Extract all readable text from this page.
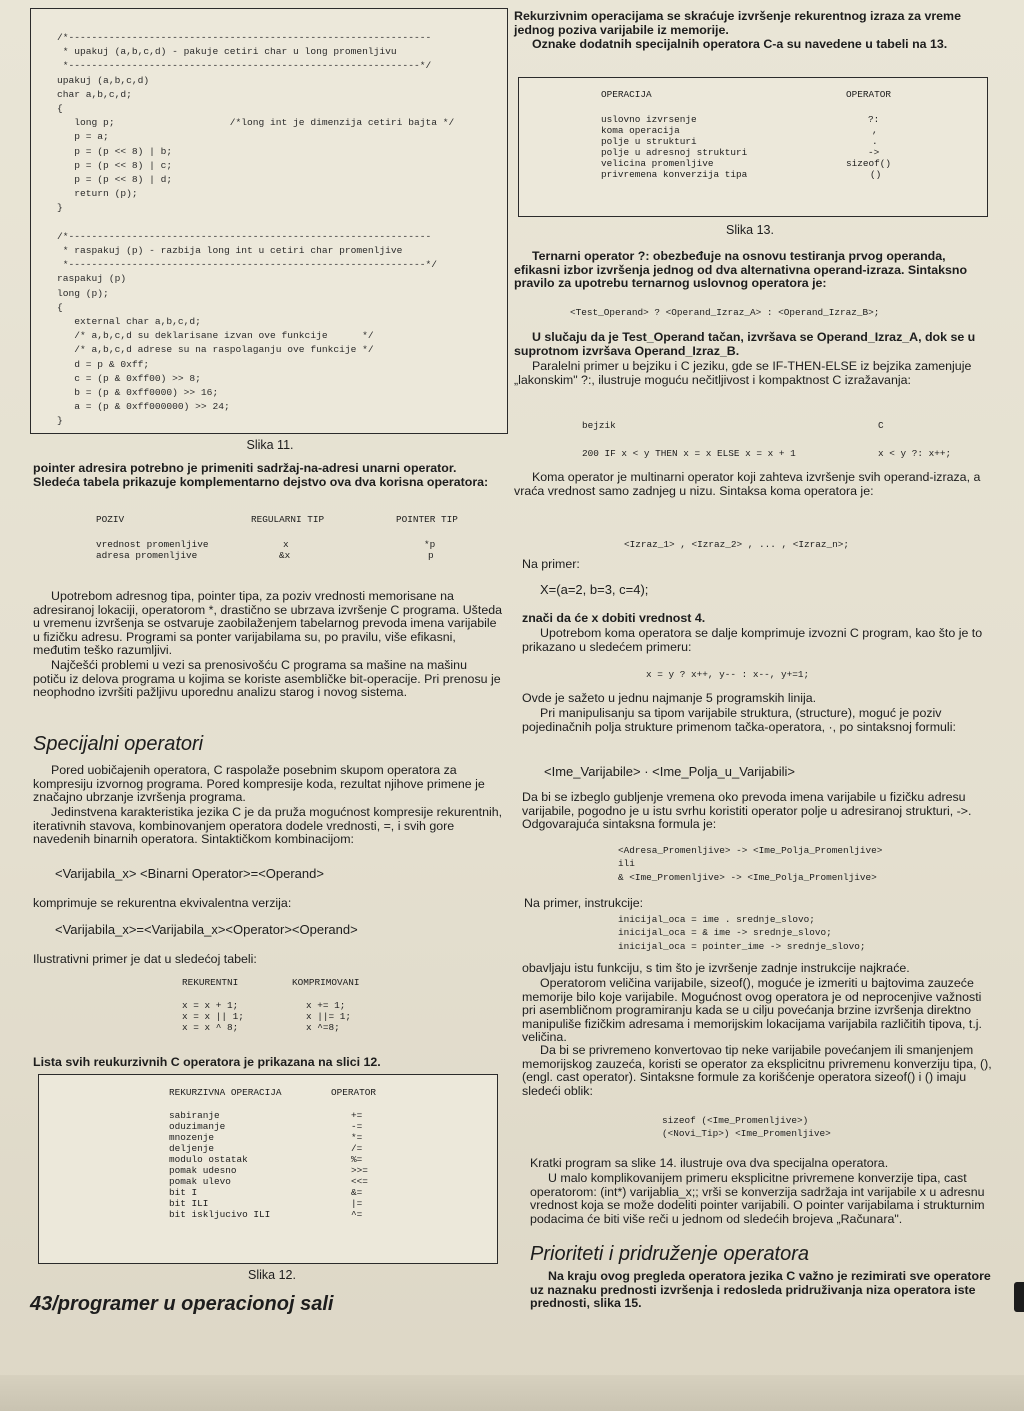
/*---------------------------------------------------------------
* upakuj (a,b,c,d) - pakuje cetiri char u long promenljivu
*-------------------------------------------------------------*/
upakuj (a,b,c,d)
char a,b,c,d;
{
long p;                    /*long int je dimenzija cetiri bajta */
p = a;
p = (p << 8) | b;
p = (p << 8) | c;
p = (p << 8) | d;
return (p);
}

/*---------------------------------------------------------------
* raspakuj (p) - razbija long int u cetiri char promenljive
*--------------------------------------------------------------*/
raspakuj (p)
long (p);
{
external char a,b,c,d;
/* a,b,c,d su deklarisane izvan ove funkcije      */
/* a,b,c,d adrese su na raspolaganju ove funkcije */
d = p & 0xff;
c = (p & 0xff00) >> 8;
b = (p & 0xff0000) >> 16;
a = (p & 0xff000000) >> 24;
}
Slika 11.

pointer adresira potrebno je primeniti sadržaj-na-adresi unarni operator. Sledeća tabela prikazuje komplementarno dejstvo ova dva korisna operatora:

POZIV	REGULARNI TIP	POINTER TIP

vrednost promenljive	x	*p
adresa promenljive	&x	p

Upotrebom adresnog tipa, pointer tipa, za poziv vrednosti memorisane na adresiranoj lokaciji, operatorom *, drastično se ubrzava izvršenje C programa. Ušteda u vremenu izvršenja se ostvaruje zaobilaženjem tabelarnog prevoda imena varijabile u fizičku adresu. Programi sa ponter varijabilama su, po pravilu, više efikasni, međutim teško razumljivi.

Najčešći problemi u vezi sa prenosivošću C programa sa mašine na mašinu potiču iz delova programa u kojima se koriste asembličke bit-operacije. Pri prenosu je neophodno izvršiti pažljivu uporednu analizu starog i novog sistema.

Specijalni operatori

Pored uobičajenih operatora, C raspolaže posebnim skupom operatora za kompresiju izvornog programa. Pored kompresije koda, rezultat njihove primene je značajno ubrzanje izvršenja programa.

Jedinstvena karakteristika jezika C je da pruža mogućnost kompresije rekurentnih, iterativnih stavova, kombinovanjem operatora dodele vrednosti, =, i svih gore navedenih binarnih operatora. Sintaktičkom kombinacijom:

<Varijabila_x> <Binarni Operator>=<Operand>

komprimuje se rekurentna ekvivalentna verzija:

<Varijabila_x>=<Varijabila_x><Operator><Operand>

Ilustrativni primer je dat u sledećoj tabeli:

REKURENTNI	KOMPRIMOVANI

x = x + 1;	x += 1;
x = x || 1;	x ||= 1;
x = x ^ 8;	x ^=8;

Lista svih reukurzivnih C operatora je prikazana na slici 12.

REKURZIVNA OPERACIJA	OPERATOR

sabiranje	+=
oduzimanje	-=
mnozenje	*=
deljenje	/=
modulo ostatak	%=
pomak udesno	>>=
pomak ulevo	<<=
bit I	&=
bit ILI	|=
bit iskljucivo ILI	^=
Slika 12.
43/programer u operacionoj sali

Rekurzivnim operacijama se skraćuje izvršenje rekurentnog izraza za vreme jednog poziva varijabile iz memorije.

Oznake dodatnih specijalnih operatora C-a su navedene u tabeli na 13.

OPERACIJA	OPERATOR

uslovno izvrsenje	?:
koma operacija	,
polje u strukturi	.
polje u adresnoj strukturi	->
velicina promenljive	sizeof()
privremena konverzija tipa	()
Slika 13.

Ternarni operator ?: obezbeđuje na osnovu testiranja prvog operanda, efikasni izbor izvršenja jednog od dva alternativna operand-izraza. Sintaksno pravilo za upotrebu ternarnog uslovnog operatora je:

<Test_Operand> ? <Operand_Izraz_A> : <Operand_Izraz_B>;

U slučaju da je Test_Operand tačan, izvršava se Operand_Izraz_A, dok se u suprotnom izvršava Operand_Izraz_B.

Paralelni primer u bejziku i C jeziku, gde se IF-THEN-ELSE iz bejzika zamenjuje „lakonskim" ?:, ilustruje moguću nečitljivost i kompaktnost C izražavanja:

bejzik	C

200 IF x < y THEN x = x ELSE x = x + 1	x < y ?: x++;

Koma operator je multinarni operator koji zahteva izvršenje svih operand-izraza, a vraća vrednost samo zadnjeg u nizu. Sintaksa koma operatora je:

<Izraz_1> , <Izraz_2> , ... , <Izraz_n>;

Na primer:

X=(a=2, b=3, c=4);

znači da će x dobiti vrednost 4.

Upotrebom koma operatora se dalje komprimuje izvozni C program, kao što je to prikazano u sledećem primeru:

x = y ? x++, y-- : x--, y+=1;

Ovde je sažeto u jednu najmanje 5 programskih linija.

Pri manipulisanju sa tipom varijabile struktura, (structure), moguć je poziv pojedinačnih polja strukture primenom tačka-operatora, ·, po sintaksnoj formuli:

<Ime_Varijabile> · <Ime_Polja_u_Varijabili>

Da bi se izbeglo gubljenje vremena oko prevoda imena varijabile u fizičku adresu varijabile, pogodno je u istu svrhu koristiti operator polje u adresiranoj strukturi, ->. Odgovarajuća sintaksna formula je:

<Adresa_Promenljive> -> <Ime_Polja_Promenljive>
ili
& <Ime_Promenljive> -> <Ime_Polja_Promenljive>

Na primer, instrukcije:

inicijal_oca = ime . srednje_slovo;
inicijal_oca = & ime -> srednje_slovo;
inicijal_oca = pointer_ime -> srednje_slovo;

obavljaju istu funkciju, s tim što je izvršenje zadnje instrukcije najkraće.

Operatorom veličina varijabile, sizeof(), moguće je izmeriti u bajtovima zauzeće memorije bilo koje varijabile. Mogućnost ovog operatora je od neprocenjive važnosti pri asembličnom programiranju kada se u cilju povećanja brzine izvršenja direktno manipuliše fizičkim adresama i memorijskim lokacijama varijabila različitih tipova, t.j. veličina.

Da bi se privremeno konvertovao tip neke varijabile povećanjem ili smanjenjem memorijskog zauzeća, koristi se operator za eksplicitnu privremenu konverziju tipa, (), (engl. cast operator). Sintaksne formule za korišćenje operatora sizeof() i () imaju sledeći oblik:

sizeof (<Ime_Promenljive>)
(<Novi_Tip>) <Ime_Promenljive>

Kratki program sa slike 14. ilustruje ova dva specijalna operatora.

U malo komplikovanijem primeru eksplicitne privremene konverzije tipa, cast operatorom: (int*) varijablia_x;; vrši se konverzija sadržaja int varijabile x u adresnu vrednost koja se može dodeliti pointer varijabili. O pointer varijabilama i strukturnim podacima će biti više reči u jednom od sledećih brojeva „Računara".

Prioriteti i pridruženje operatora

Na kraju ovog pregleda operatora jezika C važno je rezimirati sve operatore uz naznaku prednosti izvršenja i redosleda pridruživanja niza operatora iste prednosti, slika 15.
